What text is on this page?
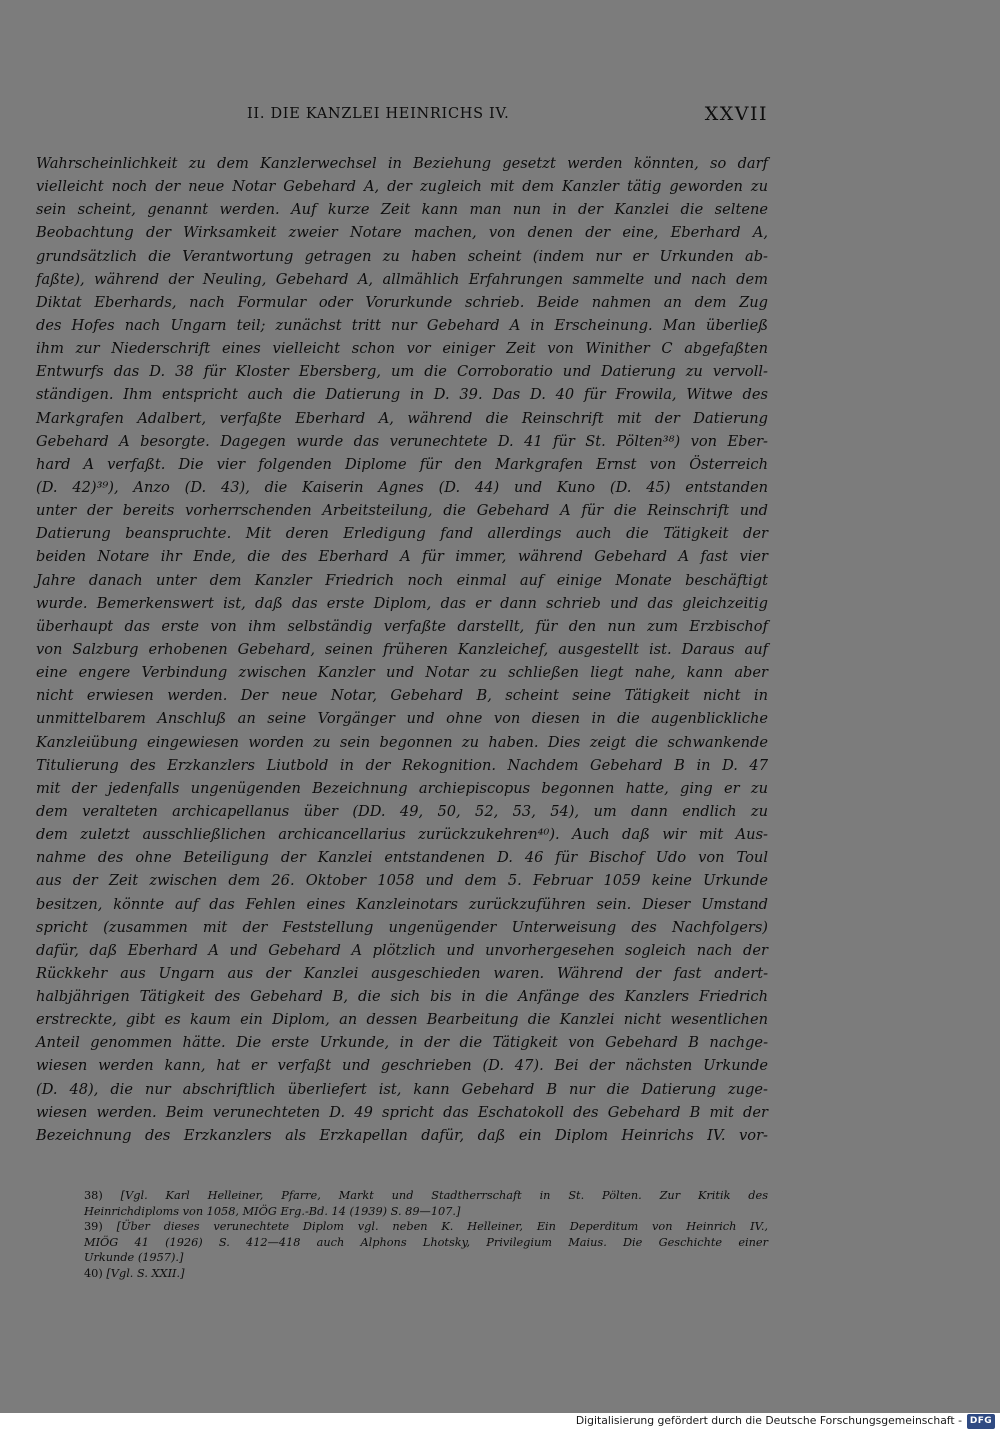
II. DIE KANZLEI HEINRICHS IV.	XXVII
Wahrscheinlichkeit zu dem Kanzlerwechsel in Beziehung gesetzt werden könnten, so darf
vielleicht noch der neue Notar Gebehard A, der zugleich mit dem Kanzler tätig geworden zu
sein scheint, genannt werden. Auf kurze Zeit kann man nun in der Kanzlei die seltene
Beobachtung der Wirksamkeit zweier Notare machen, von denen der eine, Eberhard A,
grundsätzlich die Verantwortung getragen zu haben scheint (indem nur er Urkunden ab-
faßte), während der Neuling, Gebehard A, allmählich Erfahrungen sammelte und nach dem
Diktat Eberhards, nach Formular oder Vorurkunde schrieb. Beide nahmen an dem Zug
des Hofes nach Ungarn teil; zunächst tritt nur Gebehard A in Erscheinung. Man überließ
ihm zur Niederschrift eines vielleicht schon vor einiger Zeit von Winither C abgefaßten
Entwurfs das D. 38 für Kloster Ebersberg, um die Corroboratio und Datierung zu vervoll-
ständigen. Ihm entspricht auch die Datierung in D. 39. Das D. 40 für Frowila, Witwe des
Markgrafen Adalbert, verfaßte Eberhard A, während die Reinschrift mit der Datierung
Gebehard A besorgte. Dagegen wurde das verunechtete D. 41 für St. Pölten³⁸) von Eber-
hard A verfaßt. Die vier folgenden Diplome für den Markgrafen Ernst von Österreich
(D. 42)³⁹), Anzo (D. 43), die Kaiserin Agnes (D. 44) und Kuno (D. 45) entstanden
unter der bereits vorherrschenden Arbeitsteilung, die Gebehard A für die Reinschrift und
Datierung beanspruchte. Mit deren Erledigung fand allerdings auch die Tätigkeit der
beiden Notare ihr Ende, die des Eberhard A für immer, während Gebehard A fast vier
Jahre danach unter dem Kanzler Friedrich noch einmal auf einige Monate beschäftigt
wurde. Bemerkenswert ist, daß das erste Diplom, das er dann schrieb und das gleichzeitig
überhaupt das erste von ihm selbständig verfaßte darstellt, für den nun zum Erzbischof
von Salzburg erhobenen Gebehard, seinen früheren Kanzleichef, ausgestellt ist. Daraus auf
eine engere Verbindung zwischen Kanzler und Notar zu schließen liegt nahe, kann aber
nicht erwiesen werden. Der neue Notar, Gebehard B, scheint seine Tätigkeit nicht in
unmittelbarem Anschluß an seine Vorgänger und ohne von diesen in die augenblickliche
Kanzleiübung eingewiesen worden zu sein begonnen zu haben. Dies zeigt die schwankende
Titulierung des Erzkanzlers Liutbold in der Rekognition. Nachdem Gebehard B in D. 47
mit der jedenfalls ungenügenden Bezeichnung archiepiscopus begonnen hatte, ging er zu
dem veralteten archicapellanus über (DD. 49, 50, 52, 53, 54), um dann endlich zu
dem zuletzt ausschließlichen archicancellarius zurückzukehren⁴⁰). Auch daß wir mit Aus-
nahme des ohne Beteiligung der Kanzlei entstandenen D. 46 für Bischof Udo von Toul
aus der Zeit zwischen dem 26. Oktober 1058 und dem 5. Februar 1059 keine Urkunde
besitzen, könnte auf das Fehlen eines Kanzleinotars zurückzuführen sein. Dieser Umstand
spricht (zusammen mit der Feststellung ungenügender Unterweisung des Nachfolgers)
dafür, daß Eberhard A und Gebehard A plötzlich und unvorhergesehen sogleich nach der
Rückkehr aus Ungarn aus der Kanzlei ausgeschieden waren. Während der fast andert-
halbjährigen Tätigkeit des Gebehard B, die sich bis in die Anfänge des Kanzlers Friedrich
erstreckte, gibt es kaum ein Diplom, an dessen Bearbeitung die Kanzlei nicht wesentlichen
Anteil genommen hätte. Die erste Urkunde, in der die Tätigkeit von Gebehard B nachge-
wiesen werden kann, hat er verfaßt und geschrieben (D. 47). Bei der nächsten Urkunde
(D. 48), die nur abschriftlich überliefert ist, kann Gebehard B nur die Datierung zuge-
wiesen werden. Beim verunechteten D. 49 spricht das Eschatokoll des Gebehard B mit der
Bezeichnung des Erzkanzlers als Erzkapellan dafür, daß ein Diplom Heinrichs IV. vor-
38) [Vgl. Karl Helleiner, Pfarre, Markt und Stadtherrschaft in St. Pölten. Zur Kritik des
Heinrichdiploms von 1058, MIÖG Erg.-Bd. 14 (1939) S. 89—107.]
39) [Über dieses verunechtete Diplom vgl. neben K. Helleiner, Ein Deperditum von Heinrich IV.,
MIÖG 41 (1926) S. 412—418 auch Alphons Lhotsky, Privilegium Maius. Die Geschichte einer
Urkunde (1957).]
40) [Vgl. S. XXII.]
Digitalisierung gefördert durch die Deutsche Forschungsgemeinschaft - DFG
